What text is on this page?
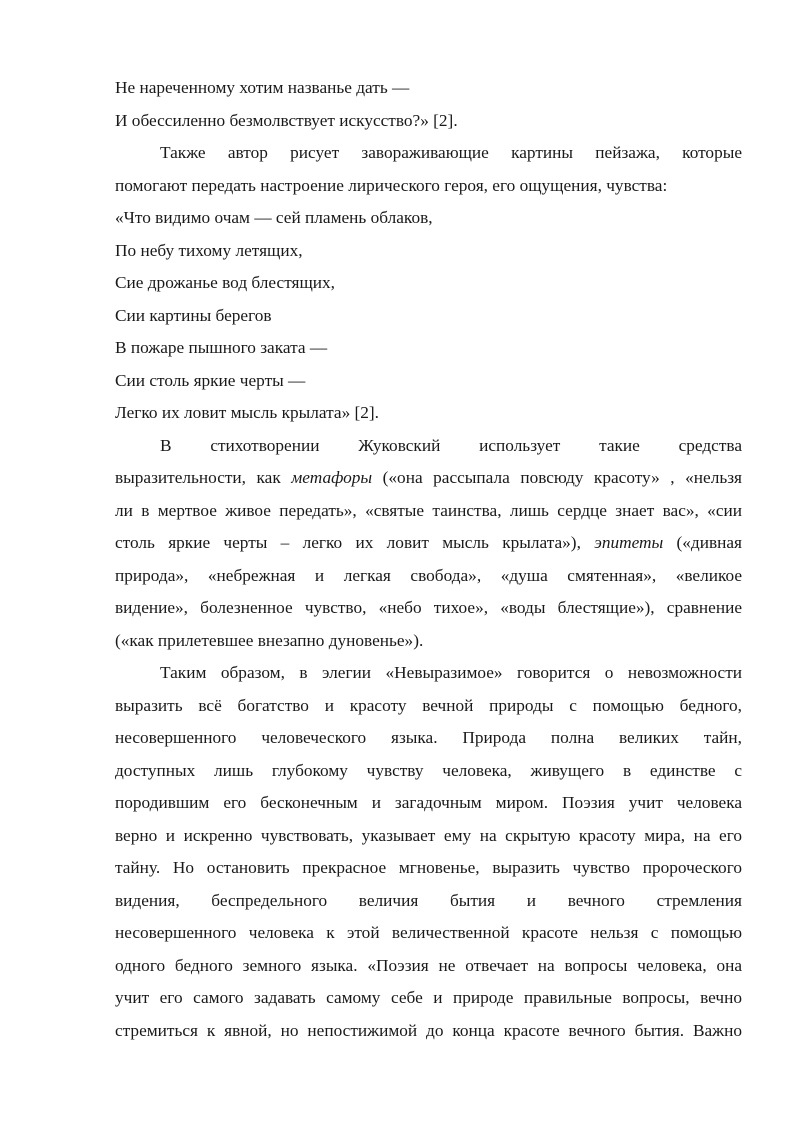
Не нареченному хотим названье дать —
И обессиленно безмолвствует искусство?» [2].
Также автор рисует завораживающие картины пейзажа, которые
помогают передать настроение лирического героя, его ощущения, чувства:
«Что видимо очам — сей пламень облаков,
По небу тихому летящих,
Сие дрожанье вод блестящих,
Сии картины берегов
В пожаре пышного заката —
Сии столь яркие черты —
Легко их ловит мысль крылата» [2].
В стихотворении Жуковский использует такие средства
выразительности, как метафоры («она рассыпала повсюду красоту» , «нельзя
ли в мертвое живое передать», «святые таинства, лишь сердце знает вас», «сии
столь яркие черты – легко их ловит мысль крылата»), эпитеты («дивная
природа», «небрежная и легкая свобода», «душа смятенная», «великое
видение», болезненное чувство, «небо тихое», «воды блестящие»), сравнение
(«как прилетевшее внезапно дуновенье»).
Таким образом, в элегии «Невыразимое» говорится о невозможности
выразить всё богатство и красоту вечной природы с помощью бедного,
несовершенного человеческого языка. Природа полна великих тайн,
доступных лишь глубокому чувству человека, живущего в единстве с
породившим его бесконечным и загадочным миром. Поэзия учит человека
верно и искренно чувствовать, указывает ему на скрытую красоту мира, на его
тайну. Но остановить прекрасное мгновенье, выразить чувство пророческого
видения, беспредельного величия бытия и вечного стремления
несовершенного человека к этой величественной красоте нельзя с помощью
одного бедного земного языка. «Поэзия не отвечает на вопросы человека, она
учит его самого задавать самому себе и природе правильные вопросы, вечно
стремиться к явной, но непостижимой до конца красоте вечного бытия. Важно
